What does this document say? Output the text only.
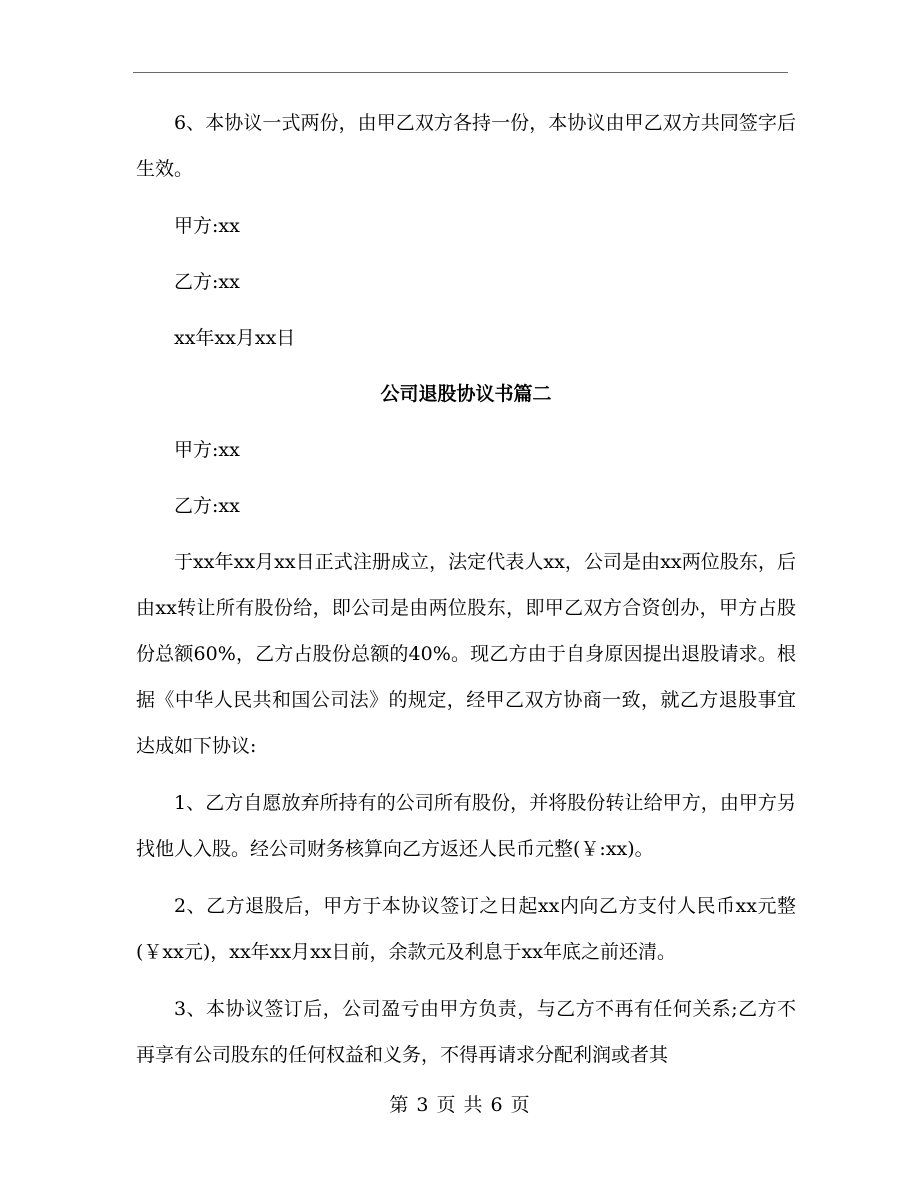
6、本协议一式两份，由甲乙双方各持一份，本协议由甲乙双方共同签字后生效。

甲方:xx

乙方:xx

xx年xx月xx日

公司退股协议书篇二

甲方:xx

乙方:xx

于xx年xx月xx日正式注册成立，法定代表人xx，公司是由xx两位股东，后由xx转让所有股份给，即公司是由两位股东，即甲乙双方合资创办，甲方占股份总额60%，乙方占股份总额的40%。现乙方由于自身原因提出退股请求。根据《中华人民共和国公司法》的规定，经甲乙双方协商一致，就乙方退股事宜达成如下协议:

1、乙方自愿放弃所持有的公司所有股份，并将股份转让给甲方，由甲方另找他人入股。经公司财务核算向乙方返还人民币元整(￥:xx)。

2、乙方退股后，甲方于本协议签订之日起xx内向乙方支付人民币xx元整(￥xx元)，xx年xx月xx日前，余款元及利息于xx年底之前还清。

3、本协议签订后，公司盈亏由甲方负责，与乙方不再有任何关系;乙方不再享有公司股东的任何权益和义务，不得再请求分配利润或者其

第 3 页 共 6 页
